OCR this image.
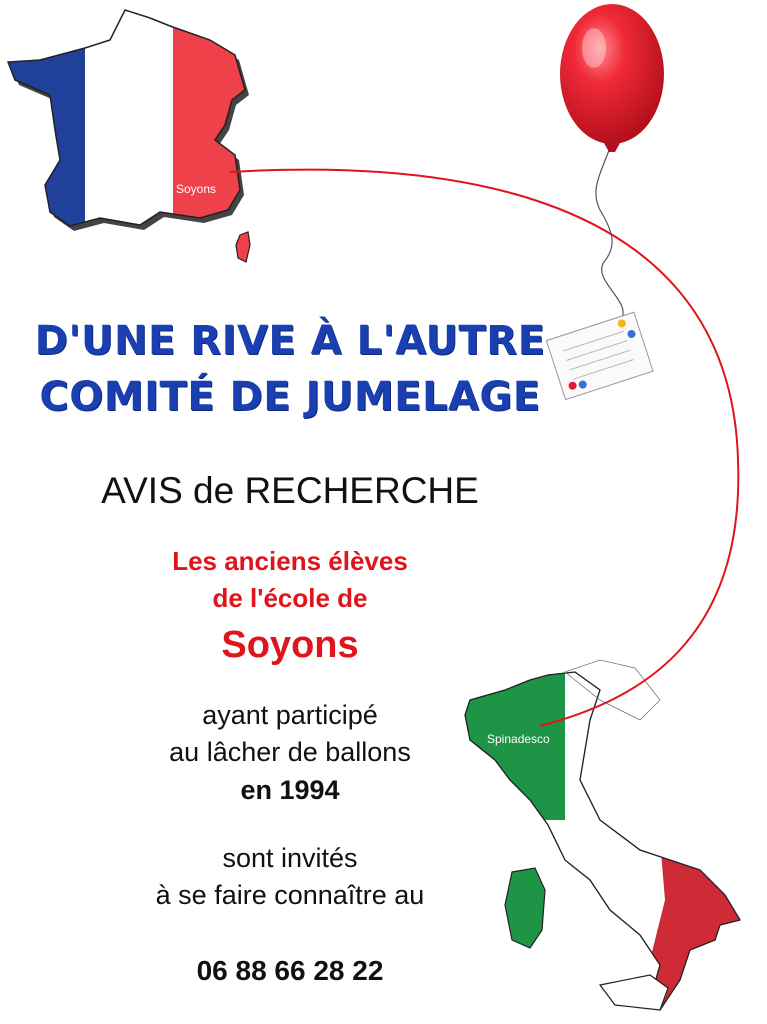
Soyons
Spinadesco
D'UNE RIVE À L'AUTRE
COMITÉ DE JUMELAGE
AVIS de RECHERCHE
Les anciens élèves
de l'école de
Soyons
ayant participé
au lâcher de ballons
en 1994
sont invités
à se faire connaître au
06 88 66 28 22
